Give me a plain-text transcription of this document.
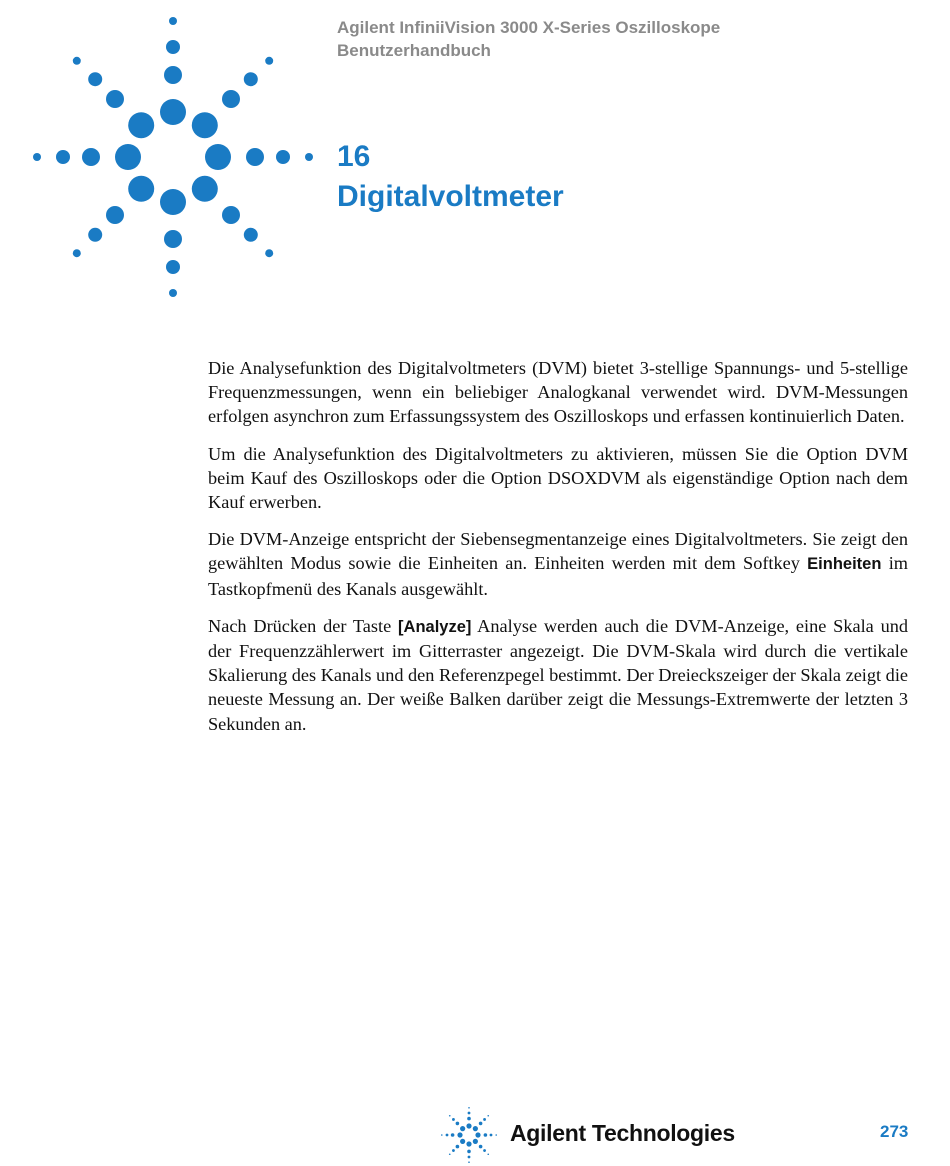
Agilent InfiniiVision 3000 X-Series Oszilloskope
Benutzerhandbuch
16
Digitalvoltmeter

Die Analysefunktion des Digitalvoltmeters (DVM) bietet 3-stellige Spannungs- und 5-stellige Frequenzmessungen, wenn ein beliebiger Analogkanal verwendet wird. DVM-Messungen erfolgen asynchron zum Erfassungssystem des Oszilloskops und erfassen kontinuierlich Daten.

Um die Analysefunktion des Digitalvoltmeters zu aktivieren, müssen Sie die Option DVM beim Kauf des Oszilloskops oder die Option DSOXDVM als eigenständige Option nach dem Kauf erwerben.

Die DVM-Anzeige entspricht der Siebensegmentanzeige eines Digitalvoltmeters. Sie zeigt den gewählten Modus sowie die Einheiten an. Einheiten werden mit dem Softkey Einheiten im Tastkopfmenü des Kanals ausgewählt.

Nach Drücken der Taste [Analyze] Analyse werden auch die DVM-Anzeige, eine Skala und der Frequenzzählerwert im Gitterraster angezeigt. Die DVM-Skala wird durch die vertikale Skalierung des Kanals und den Referenzpegel bestimmt. Der Dreieckszeiger der Skala zeigt die neueste Messung an. Der weiße Balken darüber zeigt die Messungs-Extremwerte der letzten 3 Sekunden an.

Agilent Technologies	273
